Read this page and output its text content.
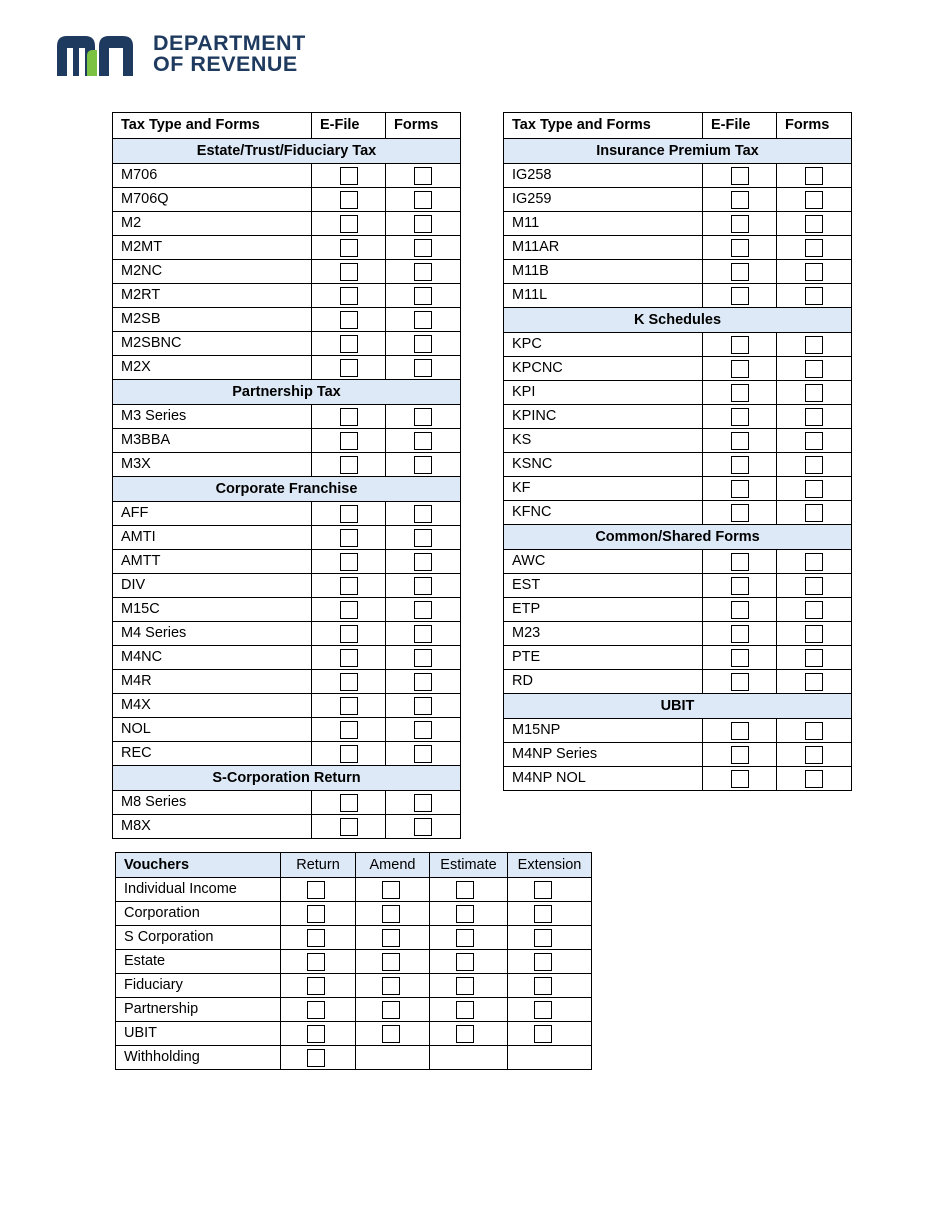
DEPARTMENT
OF REVENUE
Tax Type and Forms	E-File	Forms
Estate/Trust/Fiduciary Tax		
M706		
M706Q		
M2		
M2MT		
M2NC		
M2RT		
M2SB		
M2SBNC		
M2X		
Partnership Tax		
M3 Series		
M3BBA		
M3X		
Corporate Franchise		
AFF		
AMTI		
AMTT		
DIV		
M15C		
M4 Series		
M4NC		
M4R		
M4X		
NOL		
REC		
S-Corporation Return		
M8 Series		
M8X		
Tax Type and Forms	E-File	Forms
Insurance Premium Tax		
IG258		
IG259		
M11		
M11AR		
M11B		
M11L		
K Schedules		
KPC		
KPCNC		
KPI		
KPINC		
KS		
KSNC		
KF		
KFNC		
Common/Shared Forms		
AWC		
EST		
ETP		
M23		
PTE		
RD		
UBIT		
M15NP		
M4NP Series		
M4NP NOL		
Vouchers	Return	Amend	Estimate	Extension
Individual Income				
Corporation				
S Corporation				
Estate				
Fiduciary				
Partnership				
UBIT				
Withholding				
